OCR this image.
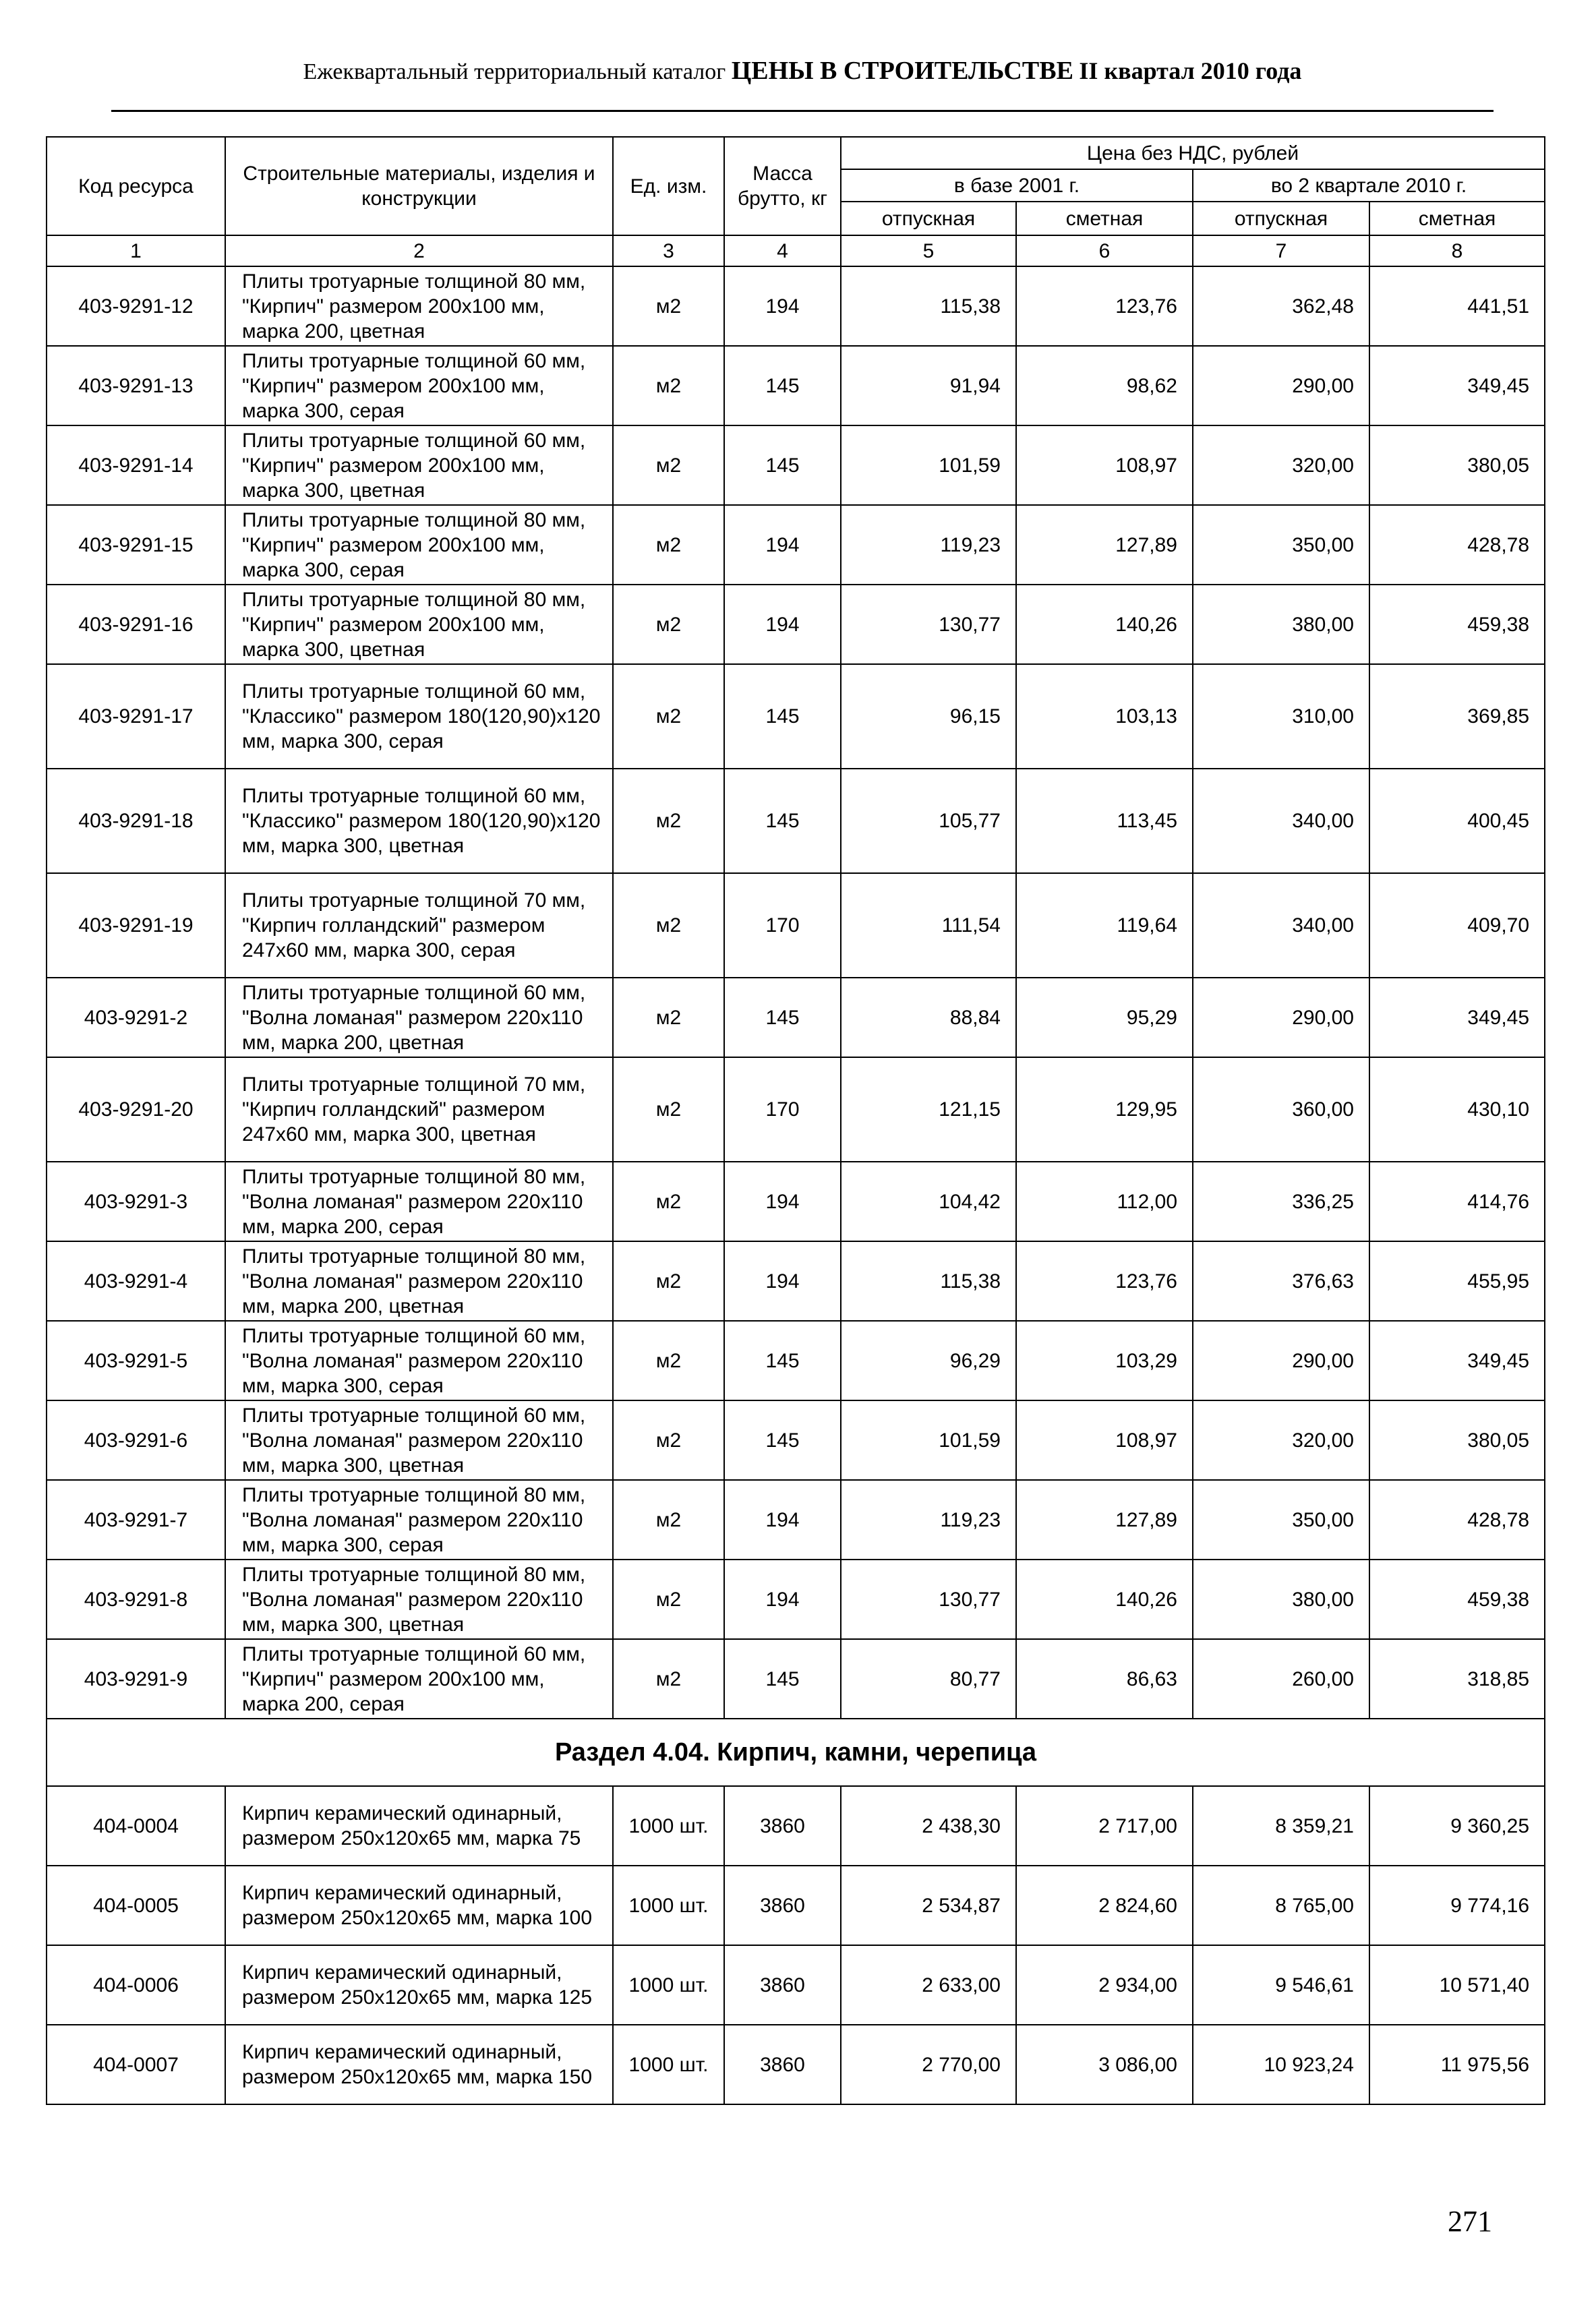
Ежеквартальный территориальный каталог ЦЕНЫ В СТРОИТЕЛЬСТВЕ II квартал 2010 года
Код ресурса	Строительные материалы, изделия и конструкции	Ед. изм.	Масса брутто, кг	Цена без НДС, рублей			
				в базе 2001 г.		во 2 квартале 2010 г.	
				отпускная	сметная	отпускная	сметная
1	2	3	4	5	6	7	8
403-9291-12	Плиты тротуарные толщиной 80 мм, "Кирпич" размером 200х100 мм, марка 200, цветная	м2	194	115,38	123,76	362,48	441,51
403-9291-13	Плиты тротуарные толщиной 60 мм, "Кирпич" размером 200х100 мм, марка 300, серая	м2	145	91,94	98,62	290,00	349,45
403-9291-14	Плиты тротуарные толщиной 60 мм, "Кирпич" размером 200х100 мм, марка 300, цветная	м2	145	101,59	108,97	320,00	380,05
403-9291-15	Плиты тротуарные толщиной 80 мм, "Кирпич" размером 200х100 мм, марка 300, серая	м2	194	119,23	127,89	350,00	428,78
403-9291-16	Плиты тротуарные толщиной 80 мм, "Кирпич" размером 200х100 мм, марка 300, цветная	м2	194	130,77	140,26	380,00	459,38
403-9291-17	Плиты тротуарные толщиной 60 мм, "Классико" размером 180(120,90)х120 мм, марка 300, серая	м2	145	96,15	103,13	310,00	369,85
403-9291-18	Плиты тротуарные толщиной 60 мм, "Классико" размером 180(120,90)х120 мм, марка 300, цветная	м2	145	105,77	113,45	340,00	400,45
403-9291-19	Плиты тротуарные толщиной 70 мм, "Кирпич голландский" размером 247х60 мм, марка 300, серая	м2	170	111,54	119,64	340,00	409,70
403-9291-2	Плиты тротуарные толщиной 60 мм, "Волна ломаная" размером 220х110 мм, марка 200, цветная	м2	145	88,84	95,29	290,00	349,45
403-9291-20	Плиты тротуарные толщиной 70 мм, "Кирпич голландский" размером 247х60 мм, марка 300, цветная	м2	170	121,15	129,95	360,00	430,10
403-9291-3	Плиты тротуарные толщиной 80 мм, "Волна ломаная" размером 220х110 мм, марка 200, серая	м2	194	104,42	112,00	336,25	414,76
403-9291-4	Плиты тротуарные толщиной 80 мм, "Волна ломаная" размером 220х110 мм, марка 200, цветная	м2	194	115,38	123,76	376,63	455,95
403-9291-5	Плиты тротуарные толщиной 60 мм, "Волна ломаная" размером 220х110 мм, марка 300, серая	м2	145	96,29	103,29	290,00	349,45
403-9291-6	Плиты тротуарные толщиной 60 мм, "Волна ломаная" размером 220х110 мм, марка 300, цветная	м2	145	101,59	108,97	320,00	380,05
403-9291-7	Плиты тротуарные толщиной 80 мм, "Волна ломаная" размером 220х110 мм, марка 300, серая	м2	194	119,23	127,89	350,00	428,78
403-9291-8	Плиты тротуарные толщиной 80 мм, "Волна ломаная" размером 220х110 мм, марка 300, цветная	м2	194	130,77	140,26	380,00	459,38
403-9291-9	Плиты тротуарные толщиной 60 мм, "Кирпич" размером 200х100 мм, марка 200, серая	м2	145	80,77	86,63	260,00	318,85
Раздел 4.04. Кирпич, камни, черепица							
404-0004	Кирпич керамический одинарный, размером 250х120х65 мм, марка 75	1000 шт.	3860	2 438,30	2 717,00	8 359,21	9 360,25
404-0005	Кирпич керамический одинарный, размером 250х120х65 мм, марка 100	1000 шт.	3860	2 534,87	2 824,60	8 765,00	9 774,16
404-0006	Кирпич керамический одинарный, размером 250х120х65 мм, марка 125	1000 шт.	3860	2 633,00	2 934,00	9 546,61	10 571,40
404-0007	Кирпич керамический одинарный, размером 250х120х65 мм, марка 150	1000 шт.	3860	2 770,00	3 086,00	10 923,24	11 975,56
271
